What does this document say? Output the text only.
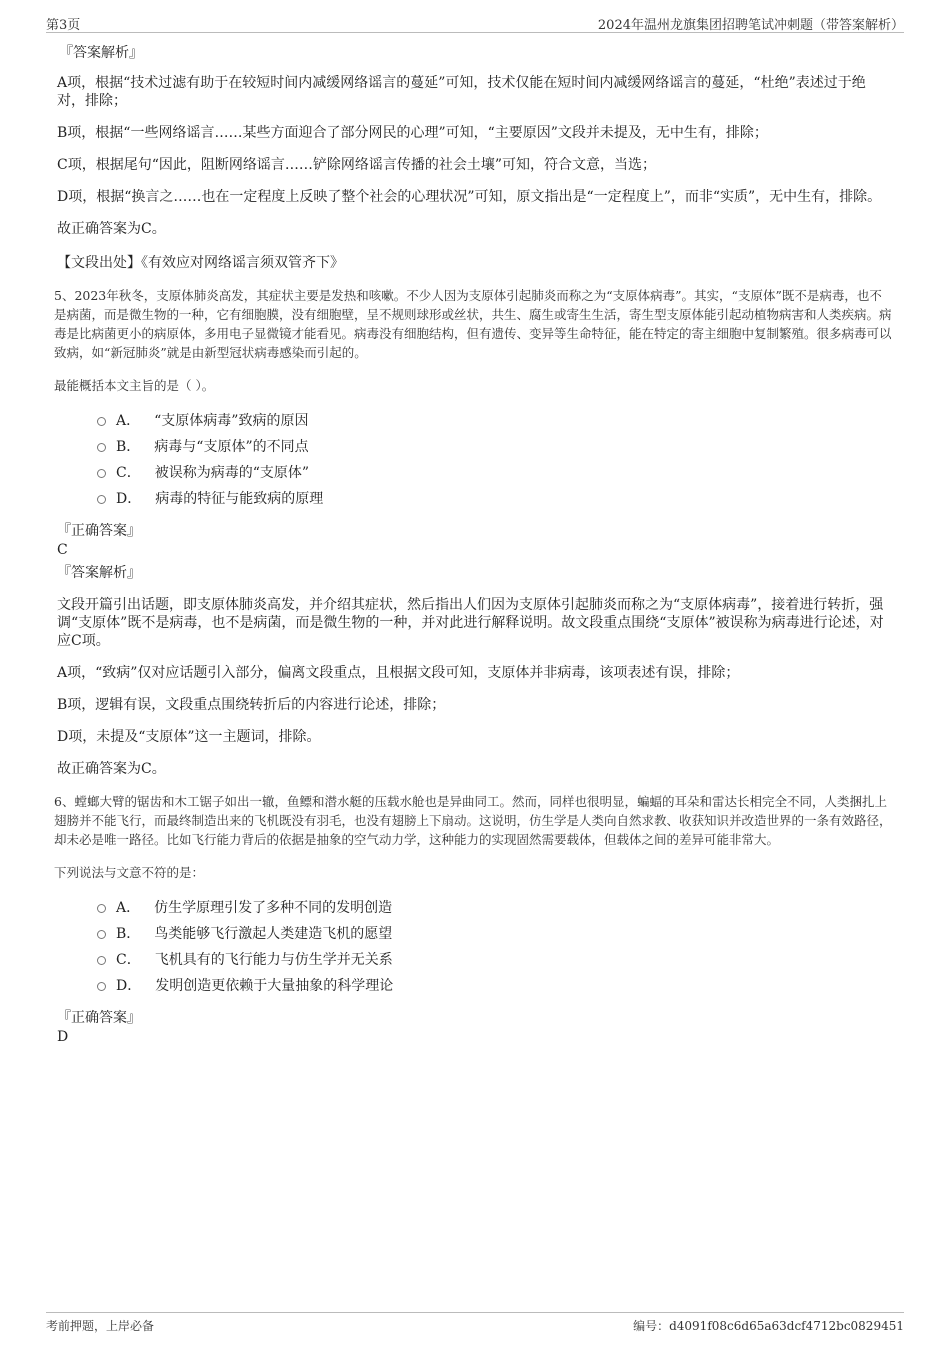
第3页	2024年温州龙旗集团招聘笔试冲刺题（带答案解析）
『答案解析』
A项，根据“技术过滤有助于在较短时间内减缓网络谣言的蔓延”可知，技术仅能在短时间内减缓网络谣言的蔓延，“杜绝”表述过于绝对，排除；
B项，根据“一些网络谣言……某些方面迎合了部分网民的心理”可知，“主要原因”文段并未提及，无中生有，排除；
C项，根据尾句“因此，阻断网络谣言……铲除网络谣言传播的社会土壤”可知，符合文意，当选；
D项，根据“换言之……也在一定程度上反映了整个社会的心理状况”可知，原文指出是“一定程度上”，而非“实质”，无中生有，排除。
故正确答案为C。
【文段出处】《有效应对网络谣言须双管齐下》
5、2023年秋冬，支原体肺炎高发，其症状主要是发热和咳嗽。不少人因为支原体引起肺炎而称之为“支原体病毒”。其实，“支原体”既不是病毒，也不是病菌，而是微生物的一种，它有细胞膜，没有细胞壁，呈不规则球形或丝状，共生、腐生或寄生生活，寄生型支原体能引起动植物病害和人类疾病。病毒是比病菌更小的病原体，多用电子显微镜才能看见。病毒没有细胞结构，但有遗传、变异等生命特征，能在特定的寄主细胞中复制繁殖。很多病毒可以致病，如“新冠肺炎”就是由新型冠状病毒感染而引起的。
最能概括本文主旨的是（ ）。
A． “支原体病毒”致病的原因
B． 病毒与“支原体”的不同点
C． 被误称为病毒的“支原体”
D． 病毒的特征与能致病的原理
『正确答案』
C
『答案解析』
文段开篇引出话题，即支原体肺炎高发，并介绍其症状，然后指出人们因为支原体引起肺炎而称之为“支原体病毒”，接着进行转折，强调“支原体”既不是病毒，也不是病菌，而是微生物的一种，并对此进行解释说明。故文段重点围绕“支原体”被误称为病毒进行论述，对应C项。
A项，“致病”仅对应话题引入部分，偏离文段重点，且根据文段可知，支原体并非病毒，该项表述有误，排除；
B项，逻辑有误，文段重点围绕转折后的内容进行论述，排除；
D项，未提及“支原体”这一主题词，排除。
故正确答案为C。
6、螳螂大臂的锯齿和木工锯子如出一辙，鱼鳔和潜水艇的压载水舱也是异曲同工。然而，同样也很明显，蝙蝠的耳朵和雷达长相完全不同，人类捆扎上翅膀并不能飞行，而最终制造出来的飞机既没有羽毛，也没有翅膀上下扇动。这说明，仿生学是人类向自然求教、收获知识并改造世界的一条有效路径，却未必是唯一路径。比如飞行能力背后的依据是抽象的空气动力学，这种能力的实现固然需要载体，但载体之间的差异可能非常大。
下列说法与文意不符的是：
A． 仿生学原理引发了多种不同的发明创造
B． 鸟类能够飞行激起人类建造飞机的愿望
C． 飞机具有的飞行能力与仿生学并无关系
D． 发明创造更依赖于大量抽象的科学理论
『正确答案』
D
考前押题，上岸必备	编号：d4091f08c6d65a63dcf4712bc0829451
